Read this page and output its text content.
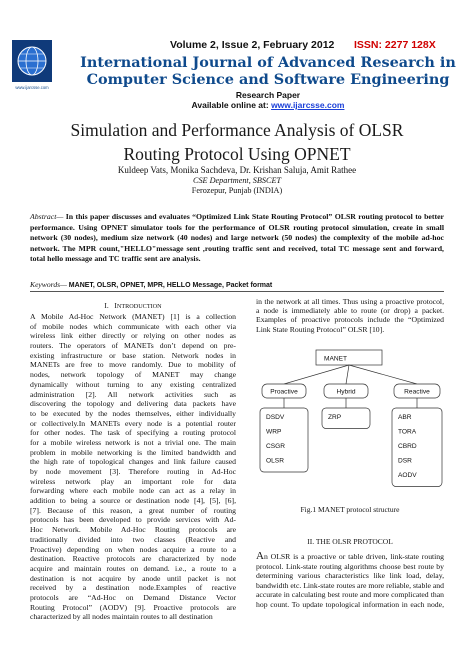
www.ijarcsse.com
Volume 2, Issue 2, February 2012 ISSN: 2277 128X
International Journal of Advanced Research in
Computer Science and Software Engineering
Research Paper
Available online at: www.ijarcsse.com
Simulation and Performance Analysis of OLSR
Routing Protocol Using OPNET
Kuldeep Vats, Monika Sachdeva, Dr. Krishan Saluja, Amit Rathee
CSE Department, SBSCET
Ferozepur, Punjab (INDIA)
Abstract— In this paper discusses and evaluates “Optimized Link State Routing Protocol” OLSR routing protocol to better performance. Using OPNET simulator tools for the performance of OLSR routing protocol simulation, create in small network (30 nodes), medium size network (40 nodes) and large network (50 nodes) the complexity of the mobile ad-hoc network. The MPR count,"HELLO"message sent ,routing traffic sent and received, total TC message sent and forward, total hello message and TC traffic sent are analysis.
Keywords— MANET, OLSR, OPNET, MPR, HELLO Message, Packet format
I. INTRODUCTION
A Mobile Ad-Hoc Network (MANET) [1] is a collection
of mobile nodes which communicate with each other via
wireless link either directly or relying on other nodes as
routers. The operators of MANETs don’t depend on pre-
existing infrastructure or base station. Network nodes in
MANETs are free to move randomly. Due to mobility of
nodes, network topology of MANET may change
dynamically without turning to any existing centralized
administration [2]. All network activities such as
discovering the topology and delivering data packets have
to be executed by the nodes themselves, either individually
or collectively.In MANETs every node is a potential router
for other nodes. The task of specifying a routing protocol
for a mobile wireless network is not a trivial one. The main
problem in mobile networking is the limited bandwidth and
the high rate of topological changes and link failure caused
by node movement [3]. Therefore routing in Ad-Hoc
wireless network play an important role for data
forwarding where each mobile node can act as a relay in
addition to being a source or destination node [4], [5], [6],
[7]. Because of this reason, a great number of routing
protocols has been developed to provide services with Ad-
Hoc Network. Mobile Ad-Hoc Routing protocols are
traditionally divided into two classes (Reactive and
Proactive) depending on when nodes acquire a route to a
destination. Reactive protocols are characterized by node
acquire and maintain routes on demand. i.e., a route to a
destination is not acquire by anode until packet is not
received by a destination node.Examples of reactive
protocols are “Ad-Hoc on Demand Distance Vector
Routing Protocol” (AODV) [9]. Proactive protocols are
characterized by all nodes maintain routes to all destination
in the network at all times. Thus using a proactive protocol,
a node is immediately able to route (or drop) a packet.
Examples of proactive protocols include the “Optimized
Link State Routing Protocol” OLSR [10].
MANET
Proactive
DSDV
WRP
CSGR
OLSR
Hybrid
ZRP
Reactive
ABR
TORA
CBRD
DSR
AODV
Fig.1 MANET protocol structure
II. THE OLSR PROTOCOL
An OLSR is a proactive or table driven, link-state routing
protocol. Link-state routing algorithms choose best route by
determining various characteristics like link load, delay,
bandwidth etc. Link-state routes are more reliable, stable and
accurate in calculating best route and more complicated than
hop count. To update topological information in each node,
